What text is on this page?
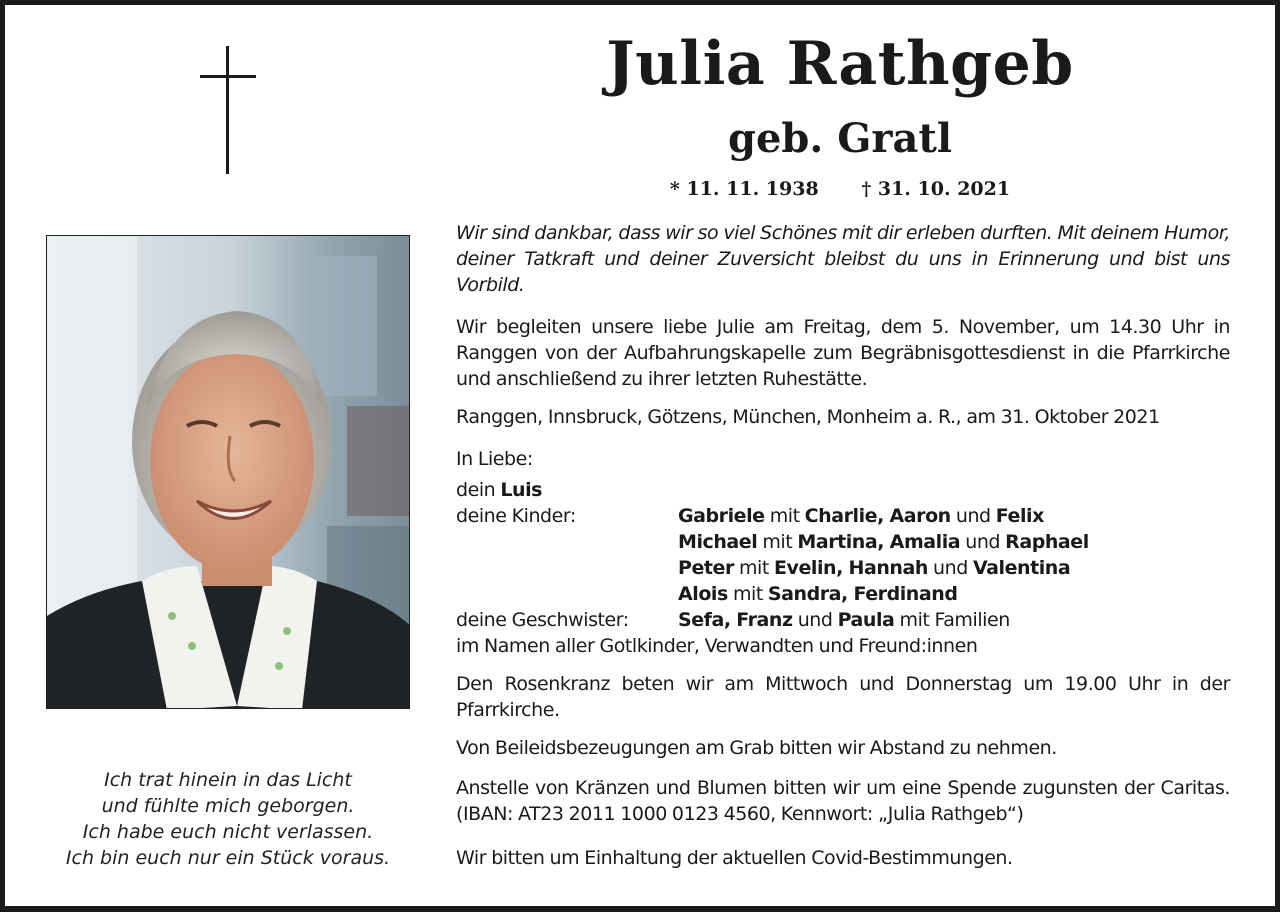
Julia Rathgeb
geb. Gratl
* 11. 11. 1938 † 31. 10. 2021
Ich trat hinein in das Licht
und fühlte mich geborgen.
Ich habe euch nicht verlassen.
Ich bin euch nur ein Stück voraus.

Wir sind dankbar, dass wir so viel Schönes mit dir erleben durften. Mit deinem Humor, deiner Tatkraft und deiner Zuversicht bleibst du uns in Erinnerung und bist uns Vorbild.

Wir begleiten unsere liebe Julie am Freitag, dem 5. November, um 14.30 Uhr in Ranggen von der Aufbahrungskapelle zum Begräbnisgottesdienst in die Pfarrkirche und anschließend zu ihrer letzten Ruhestätte.

Ranggen, Innsbruck, Götzens, München, Monheim a. R., am 31. Oktober 2021
In Liebe:
dein
Luis
deine Kinder:	Gabriele mit Charlie, Aaron und Felix
Michael mit Martina, Amalia und Raphael
Peter mit Evelin, Hannah und Valentina
Alois mit Sandra, Ferdinand
deine Geschwister:	Sefa, Franz und Paula mit Familien
im Namen aller Gotlkinder, Verwandten und Freund:innen

Den Rosenkranz beten wir am Mittwoch und Donnerstag um 19.00 Uhr in der Pfarrkirche.

Von Beileidsbezeugungen am Grab bitten wir Abstand zu nehmen.

Anstelle von Kränzen und Blumen bitten wir um eine Spende zugunsten der Caritas. (IBAN: AT23 2011 1000 0123 4560, Kennwort: „Julia Rathgeb“)

Wir bitten um Einhaltung der aktuellen Covid-Bestimmungen.
